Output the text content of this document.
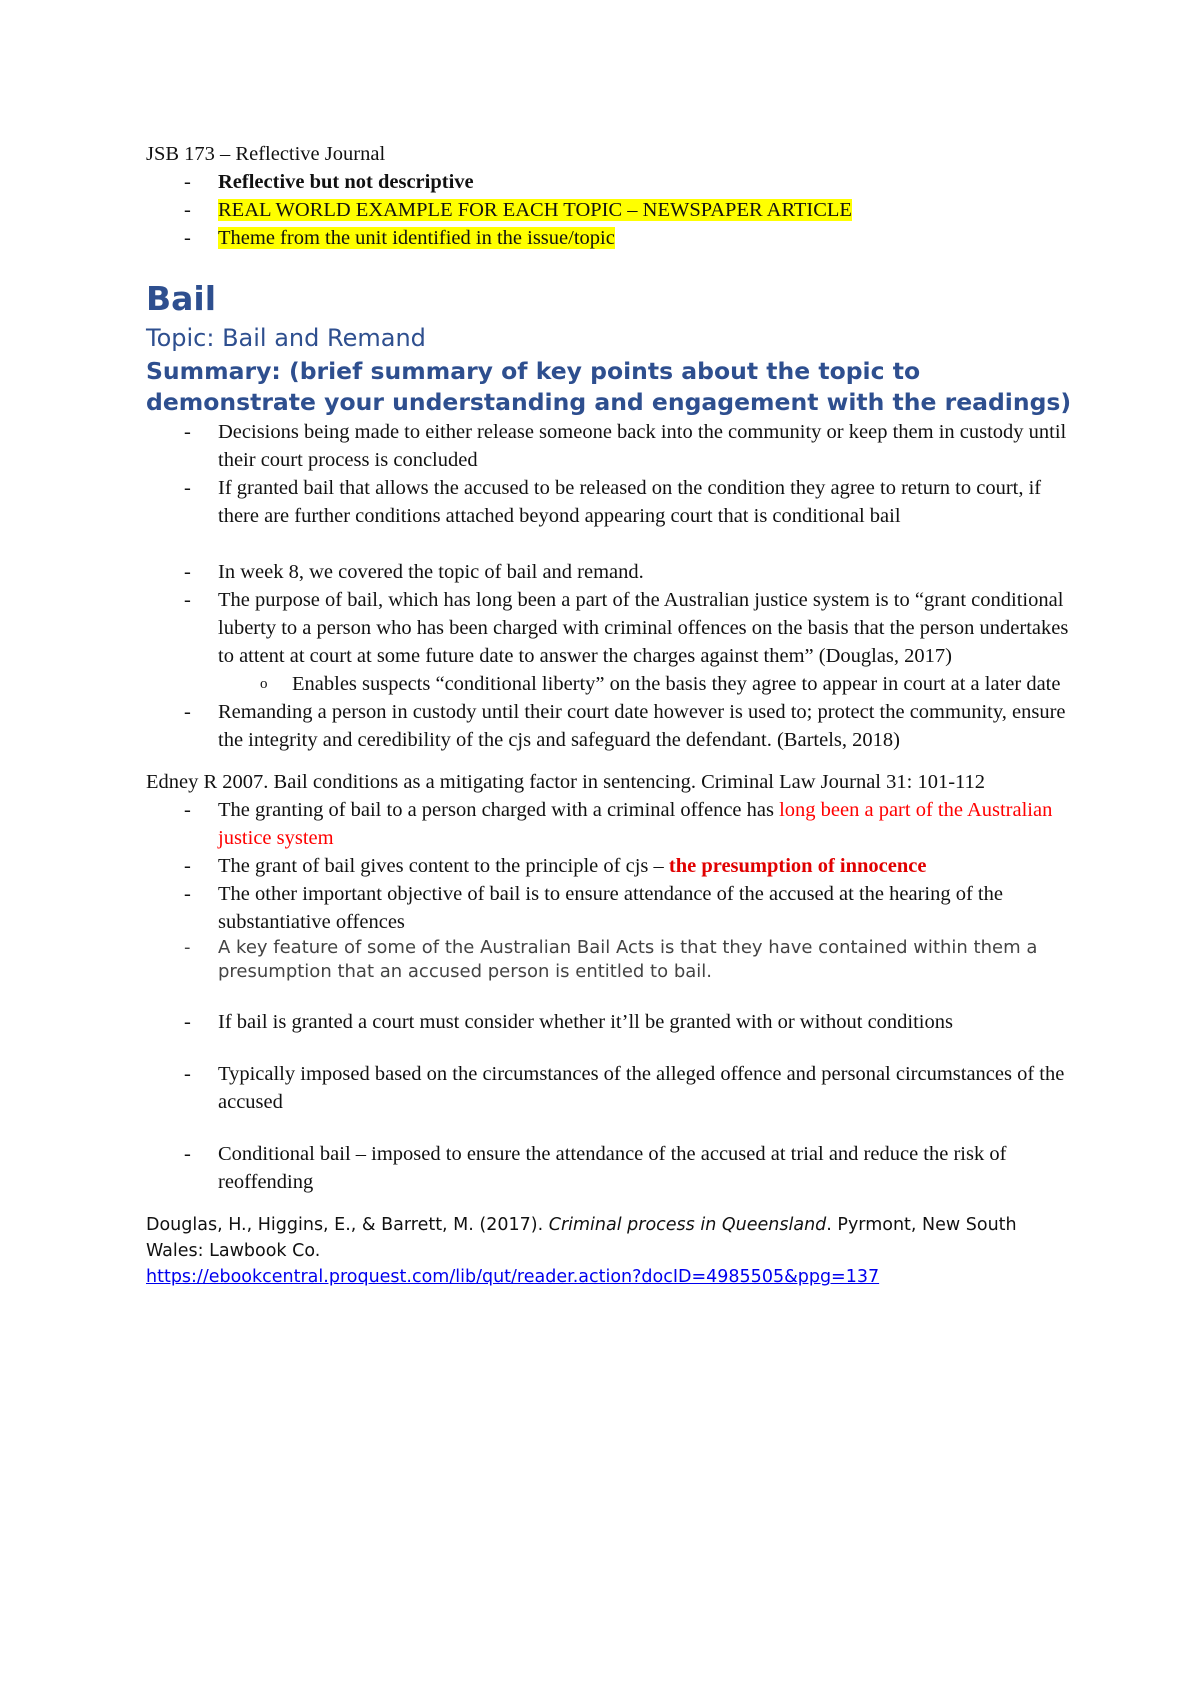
JSB 173 – Reflective Journal
- Reflective but not descriptive
- REAL WORLD EXAMPLE FOR EACH TOPIC – NEWSPAPER ARTICLE
- Theme from the unit identified in the issue/topic
Bail
Topic: Bail and Remand
Summary: (brief summary of key points about the topic to demonstrate your understanding and engagement with the readings)
- Decisions being made to either release someone back into the community or keep them in custody until their court process is concluded
- If granted bail that allows the accused to be released on the condition they agree to return to court, if there are further conditions attached beyond appearing court that is conditional bail
- In week 8, we covered the topic of bail and remand.
- The purpose of bail, which has long been a part of the Australian justice system is to “grant conditional luberty to a person who has been charged with criminal offences on the basis that the person undertakes to attent at court at some future date to answer the charges against them” (Douglas, 2017)
o Enables suspects “conditional liberty” on the basis they agree to appear in court at a later date
- Remanding a person in custody until their court date however is used to; protect the community, ensure the integrity and ceredibility of the cjs and safeguard the defendant. (Bartels, 2018)
Edney R 2007. Bail conditions as a mitigating factor in sentencing. Criminal Law Journal 31: 101-112
- The granting of bail to a person charged with a criminal offence has long been a part of the Australian justice system
- The grant of bail gives content to the principle of cjs – the presumption of innocence
- The other important objective of bail is to ensure attendance of the accused at the hearing of the substantiative offences
- A key feature of some of the Australian Bail Acts is that they have contained within them a presumption that an accused person is entitled to bail.
- If bail is granted a court must consider whether it’ll be granted with or without conditions
- Typically imposed based on the circumstances of the alleged offence and personal circumstances of the accused
- Conditional bail – imposed to ensure the attendance of the accused at trial and reduce the risk of reoffending
Douglas, H., Higgins, E., & Barrett, M. (2017). Criminal process in Queensland. Pyrmont, New South Wales: Lawbook Co.
https://ebookcentral.proquest.com/lib/qut/reader.action?docID=4985505&ppg=137
